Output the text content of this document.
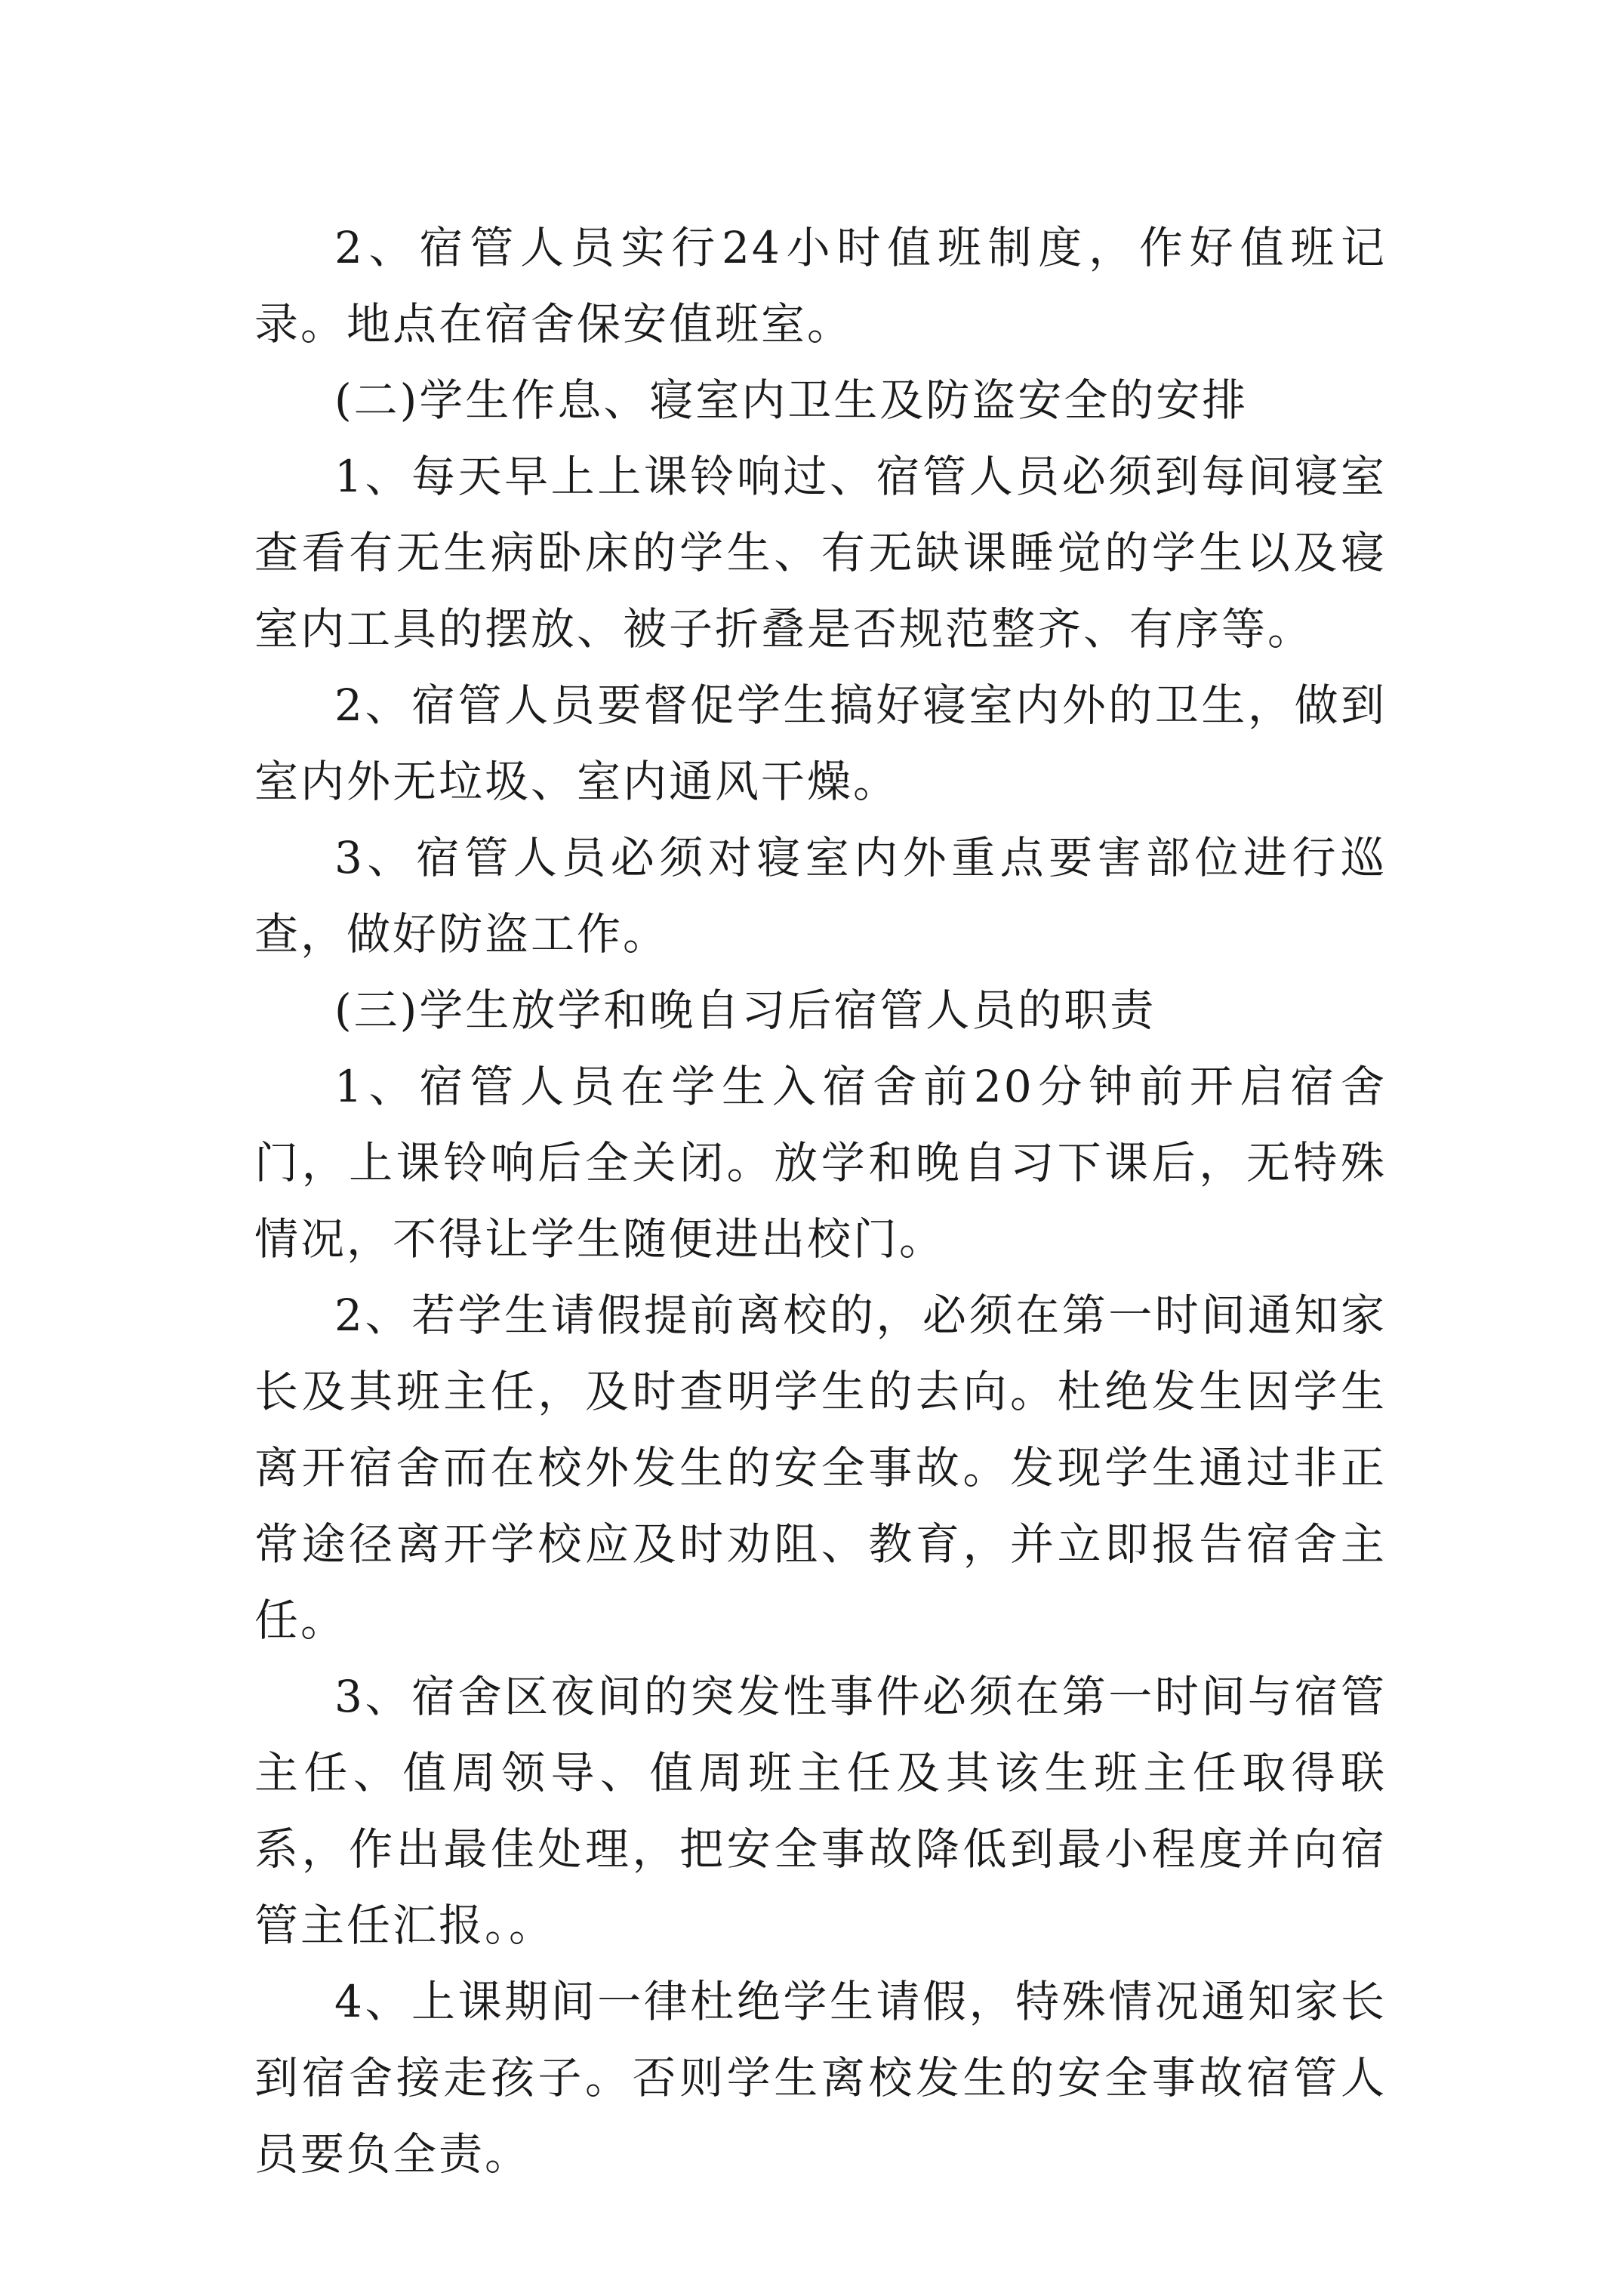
2、宿管人员实行24小时值班制度，作好值班记录。地点在宿舍保安值班室。

(二)学生作息、寝室内卫生及防盗安全的安排

1、每天早上上课铃响过、宿管人员必须到每间寝室查看有无生病卧床的学生、有无缺课睡觉的学生以及寝室内工具的摆放、被子折叠是否规范整齐、有序等。

2、宿管人员要督促学生搞好寝室内外的卫生，做到室内外无垃圾、室内通风干燥。

3、宿管人员必须对寝室内外重点要害部位进行巡查，做好防盗工作。

(三)学生放学和晚自习后宿管人员的职责

1、宿管人员在学生入宿舍前20分钟前开启宿舍门，上课铃响后全关闭。放学和晚自习下课后，无特殊情况，不得让学生随便进出校门。

2、若学生请假提前离校的，必须在第一时间通知家长及其班主任，及时查明学生的去向。杜绝发生因学生离开宿舍而在校外发生的安全事故。发现学生通过非正常途径离开学校应及时劝阻、教育，并立即报告宿舍主任。

3、宿舍区夜间的突发性事件必须在第一时间与宿管主任、值周领导、值周班主任及其该生班主任取得联系，作出最佳处理，把安全事故降低到最小程度并向宿管主任汇报。。

4、上课期间一律杜绝学生请假，特殊情况通知家长到宿舍接走孩子。否则学生离校发生的安全事故宿管人员要负全责。
